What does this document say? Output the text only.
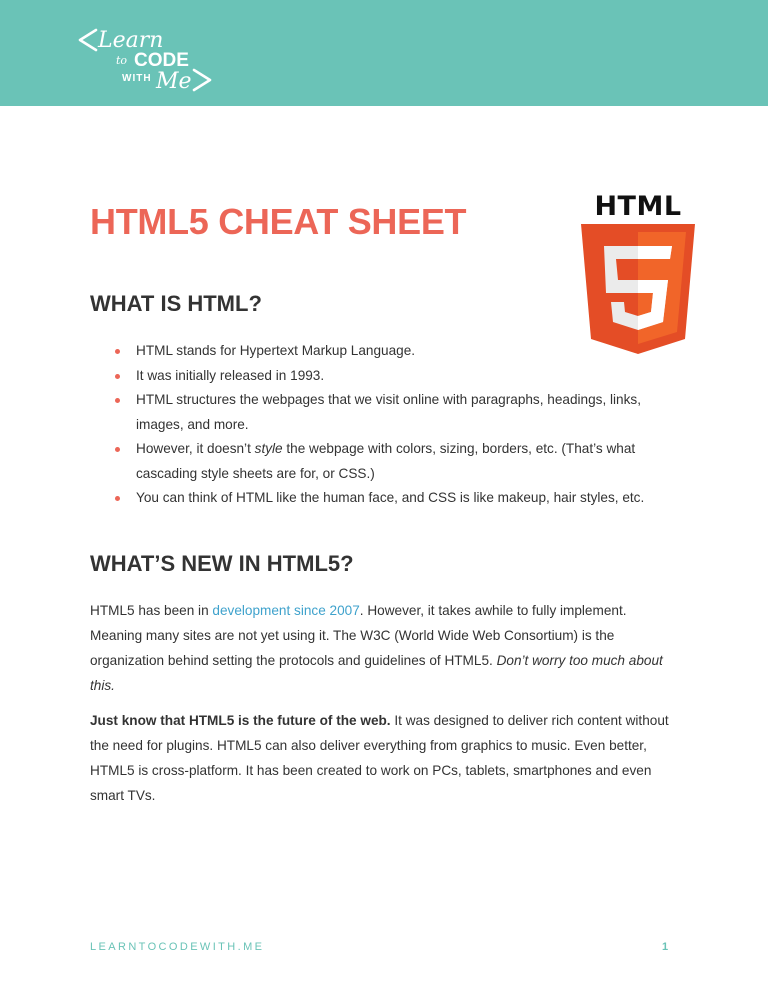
Learn
to CODE
WITH Me
HTML
HTML5 CHEAT SHEET
WHAT IS HTML?
HTML stands for Hypertext Markup Language.
It was initially released in 1993.
HTML structures the webpages that we visit online with paragraphs, headings, links, images, and more.
However, it doesn’t style the webpage with colors, sizing, borders, etc. (That’s what cascading style sheets are for, or CSS.)
You can think of HTML like the human face, and CSS is like makeup, hair styles, etc.
WHAT’S NEW IN HTML5?

HTML5 has been in development since 2007. However, it takes awhile to fully implement. Meaning many sites are not yet using it. The W3C (World Wide Web Consortium) is the organization behind setting the protocols and guidelines of HTML5. Don’t worry too much about this.

Just know that HTML5 is the future of the web. It was designed to deliver rich content without the need for plugins. HTML5 can also deliver everything from graphics to music. Even better, HTML5 is cross-platform. It has been created to work on PCs, tablets, smartphones and even smart TVs.

LEARNTOCODEWITH.ME	1
